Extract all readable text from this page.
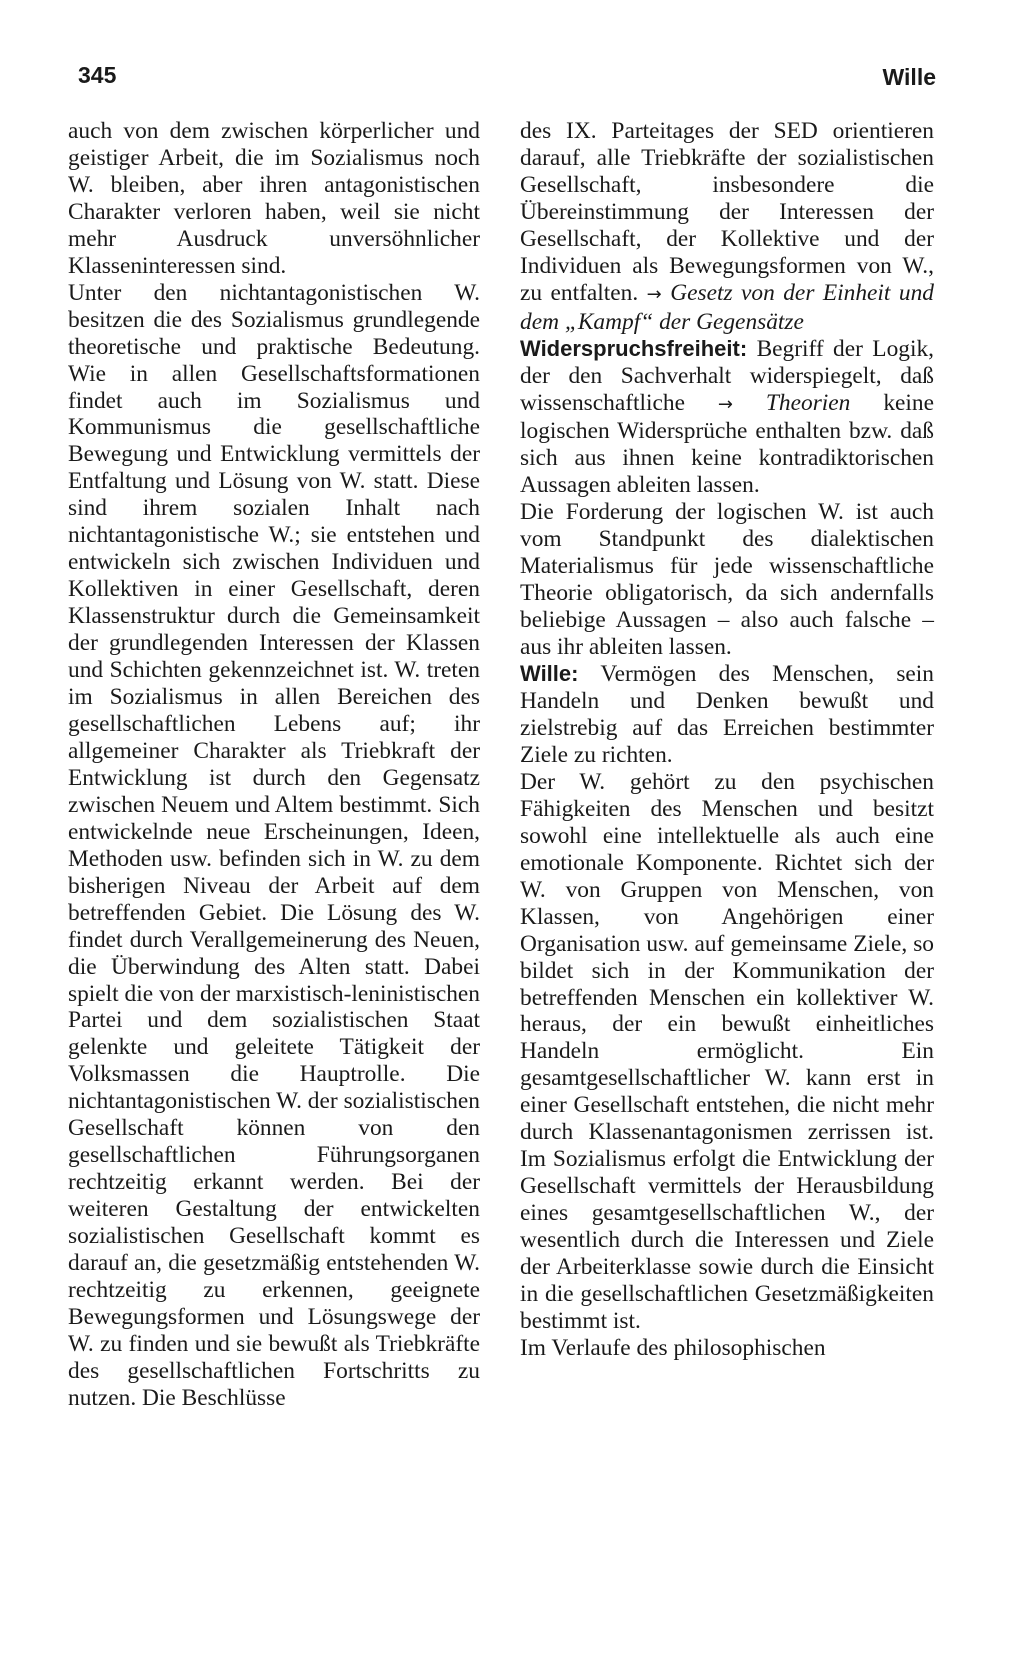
345	Wille

auch von dem zwischen körperlicher und geistiger Arbeit, die im Sozialismus noch W. bleiben, aber ihren antagonistischen Charakter verloren haben, weil sie nicht mehr Ausdruck unversöhnlicher Klasseninteressen sind.

Unter den nichtantagonistischen W. besitzen die des Sozialismus grundlegende theoretische und praktische Bedeutung. Wie in allen Gesellschaftsformationen findet auch im Sozialismus und Kommunismus die gesellschaftliche Bewegung und Entwicklung vermittels der Entfaltung und Lösung von W. statt. Diese sind ihrem sozialen Inhalt nach nichtantagonistische W.; sie entstehen und entwickeln sich zwischen Individuen und Kollektiven in einer Gesellschaft, deren Klassenstruktur durch die Gemeinsamkeit der grundlegenden Interessen der Klassen und Schichten gekennzeichnet ist. W. treten im Sozialismus in allen Bereichen des gesellschaftlichen Lebens auf; ihr allgemeiner Charakter als Triebkraft der Entwicklung ist durch den Gegensatz zwischen Neuem und Altem bestimmt. Sich entwickelnde neue Erscheinungen, Ideen, Methoden usw. befinden sich in W. zu dem bisherigen Niveau der Arbeit auf dem betreffenden Gebiet. Die Lösung des W. findet durch Verallgemeinerung des Neuen, die Überwindung des Alten statt. Dabei spielt die von der marxistisch-leninistischen Partei und dem sozialistischen Staat gelenkte und geleitete Tätigkeit der Volksmassen die Hauptrolle. Die nichtantagonistischen W. der sozialistischen Gesellschaft können von den gesellschaftlichen Führungsorganen rechtzeitig erkannt werden. Bei der weiteren Gestaltung der entwickelten sozialistischen Gesellschaft kommt es darauf an, die gesetzmäßig entstehenden W. rechtzeitig zu erkennen, geeignete Bewegungsformen und Lösungswege der W. zu finden und sie bewußt als Triebkräfte des gesellschaftlichen Fortschritts zu nutzen. Die Beschlüsse

des IX. Parteitages der SED orientieren darauf, alle Triebkräfte der sozialistischen Gesellschaft, insbesondere die Übereinstimmung der Interessen der Gesellschaft, der Kollektive und der Individuen als Bewegungsformen von W., zu entfalten. → Gesetz von der Einheit und dem „Kampf“ der Gegensätze

Widerspruchsfreiheit: Begriff der Logik, der den Sachverhalt widerspiegelt, daß wissenschaftliche → Theorien keine logischen Widersprüche enthalten bzw. daß sich aus ihnen keine kontradiktorischen Aussagen ableiten lassen.

Die Forderung der logischen W. ist auch vom Standpunkt des dialektischen Materialismus für jede wissenschaftliche Theorie obligatorisch, da sich andernfalls beliebige Aussagen – also auch falsche – aus ihr ableiten lassen.

Wille: Vermögen des Menschen, sein Handeln und Denken bewußt und zielstrebig auf das Erreichen bestimmter Ziele zu richten.

Der W. gehört zu den psychischen Fähigkeiten des Menschen und besitzt sowohl eine intellektuelle als auch eine emotionale Komponente. Richtet sich der W. von Gruppen von Menschen, von Klassen, von Angehörigen einer Organisation usw. auf gemeinsame Ziele, so bildet sich in der Kommunikation der betreffenden Menschen ein kollektiver W. heraus, der ein bewußt einheitliches Handeln ermöglicht. Ein gesamtgesellschaftlicher W. kann erst in einer Gesellschaft entstehen, die nicht mehr durch Klassenantagonismen zerrissen ist. Im Sozialismus erfolgt die Entwicklung der Gesellschaft vermittels der Herausbildung eines gesamtgesellschaftlichen W., der wesentlich durch die Interessen und Ziele der Arbeiterklasse sowie durch die Einsicht in die gesellschaftlichen Gesetzmäßigkeiten bestimmt ist.

Im Verlaufe des philosophischen
